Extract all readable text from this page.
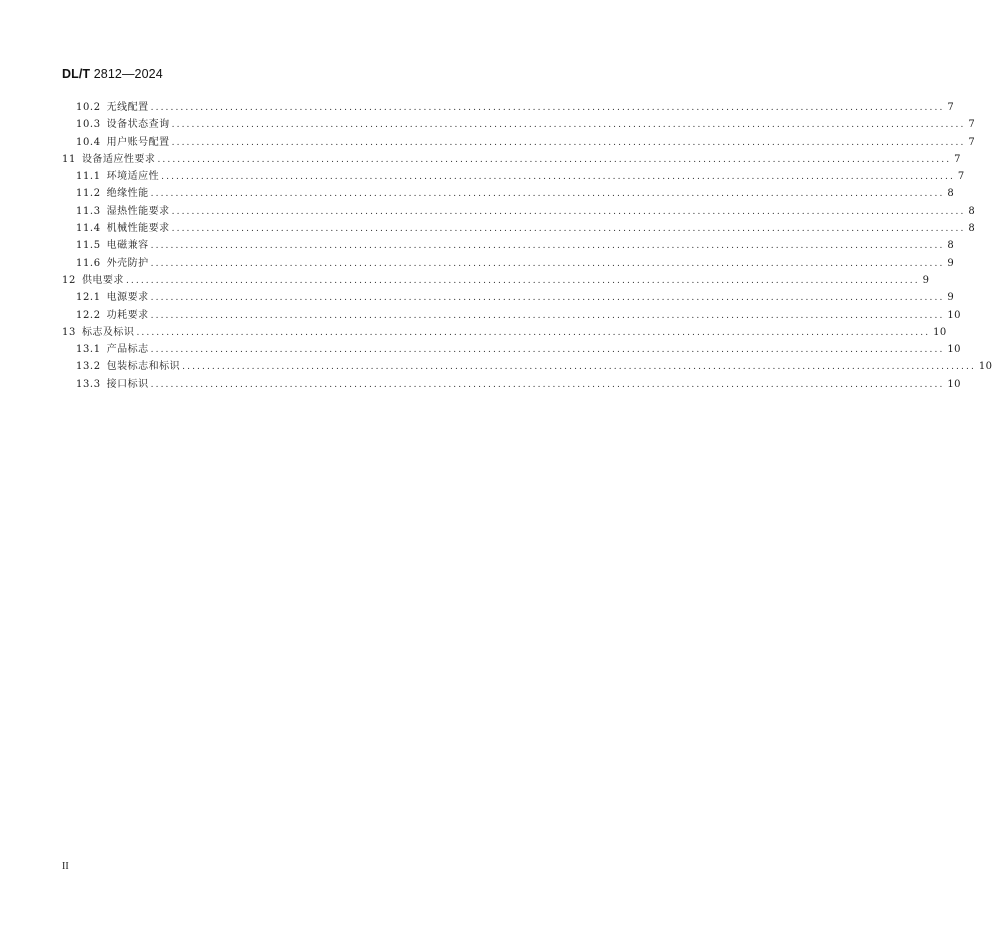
DL/T 2812—2024
10.2 无线配置 ................................................................................................................................................................ 7
10.3 设备状态查询 ................................................................................................................................................................ 7
10.4 用户账号配置 ................................................................................................................................................................ 7
11 设备适应性要求 ................................................................................................................................................................ 7
11.1 环境适应性 ................................................................................................................................................................ 7
11.2 绝缘性能 ................................................................................................................................................................ 8
11.3 湿热性能要求 ................................................................................................................................................................ 8
11.4 机械性能要求 ................................................................................................................................................................ 8
11.5 电磁兼容 ................................................................................................................................................................ 8
11.6 外壳防护 ................................................................................................................................................................ 9
12 供电要求 ................................................................................................................................................................ 9
12.1 电源要求 ................................................................................................................................................................ 9
12.2 功耗要求 ................................................................................................................................................................ 10
13 标志及标识 ................................................................................................................................................................ 10
13.1 产品标志 ................................................................................................................................................................ 10
13.2 包装标志和标识 ................................................................................................................................................................ 10
13.3 接口标识 ................................................................................................................................................................ 10
II
